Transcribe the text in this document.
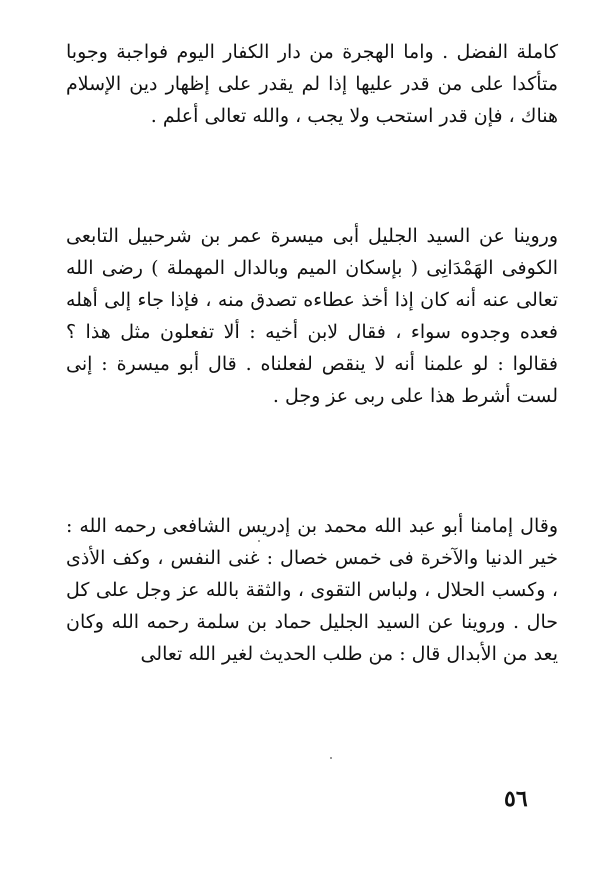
كاملة الفضل . واما الهجرة من دار الكفار اليوم فواجبة وجوبا متأكدا على من قدر عليها إذا لم يقدر على إظهار دين الإسلام هناك ، فإن قدر استحب ولا يجب ، والله تعالى أعلم .

وروينا عن السيد الجليل أبى ميسرة عمر بن شرحبيل التابعى الكوفى الهَمْدَانِى ( بإسكان الميم وبالدال المهملة ) رضى الله تعالى عنه أنه كان إذا أخذ عطاءه تصدق منه ، فإذا جاء إلى أهله فعده وجدوه سواء ، فقال لابن أخيه : ألا تفعلون مثل هذا ؟ فقالوا : لو علمنا أنه لا ينقص لفعلناه . قال أبو ميسرة : إنى لست أشرط هذا على ربى عز وجل .

وقال إمامنا أبو عبد الله محمد بن إدريس الشافعى رحمه الله : خير الدنيا والآخرة فى خمس خصال : غنى النفس ، وكف الأذى ، وكسب الحلال ، ولباس التقوى ، والثقة بالله عز وجل على كل حال . وروينا عن السيد الجليل حماد بن سلمة رحمه الله وكان يعد من الأبدال قال : من طلب الحديث لغير الله تعالى

٥٦
